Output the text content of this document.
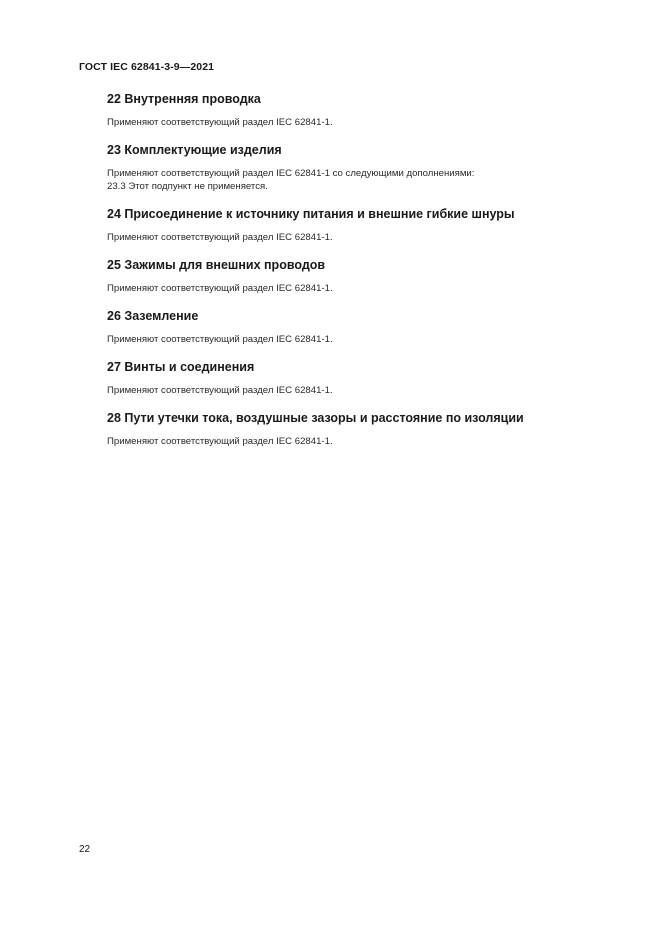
ГОСТ IEC 62841-3-9—2021
22 Внутренняя проводка

Применяют соответствующий раздел IEC 62841-1.

23 Комплектующие изделия

Применяют соответствующий раздел IEC 62841-1 со следующими дополнениями:

23.3 Этот подпункт не применяется.

24 Присоединение к источнику питания и внешние гибкие шнуры

Применяют соответствующий раздел IEC 62841-1.

25 Зажимы для внешних проводов

Применяют соответствующий раздел IEC 62841-1.

26 Заземление

Применяют соответствующий раздел IEC 62841-1.

27 Винты и соединения

Применяют соответствующий раздел IEC 62841-1.

28 Пути утечки тока, воздушные зазоры и расстояние по изоляции

Применяют соответствующий раздел IEC 62841-1.

22
